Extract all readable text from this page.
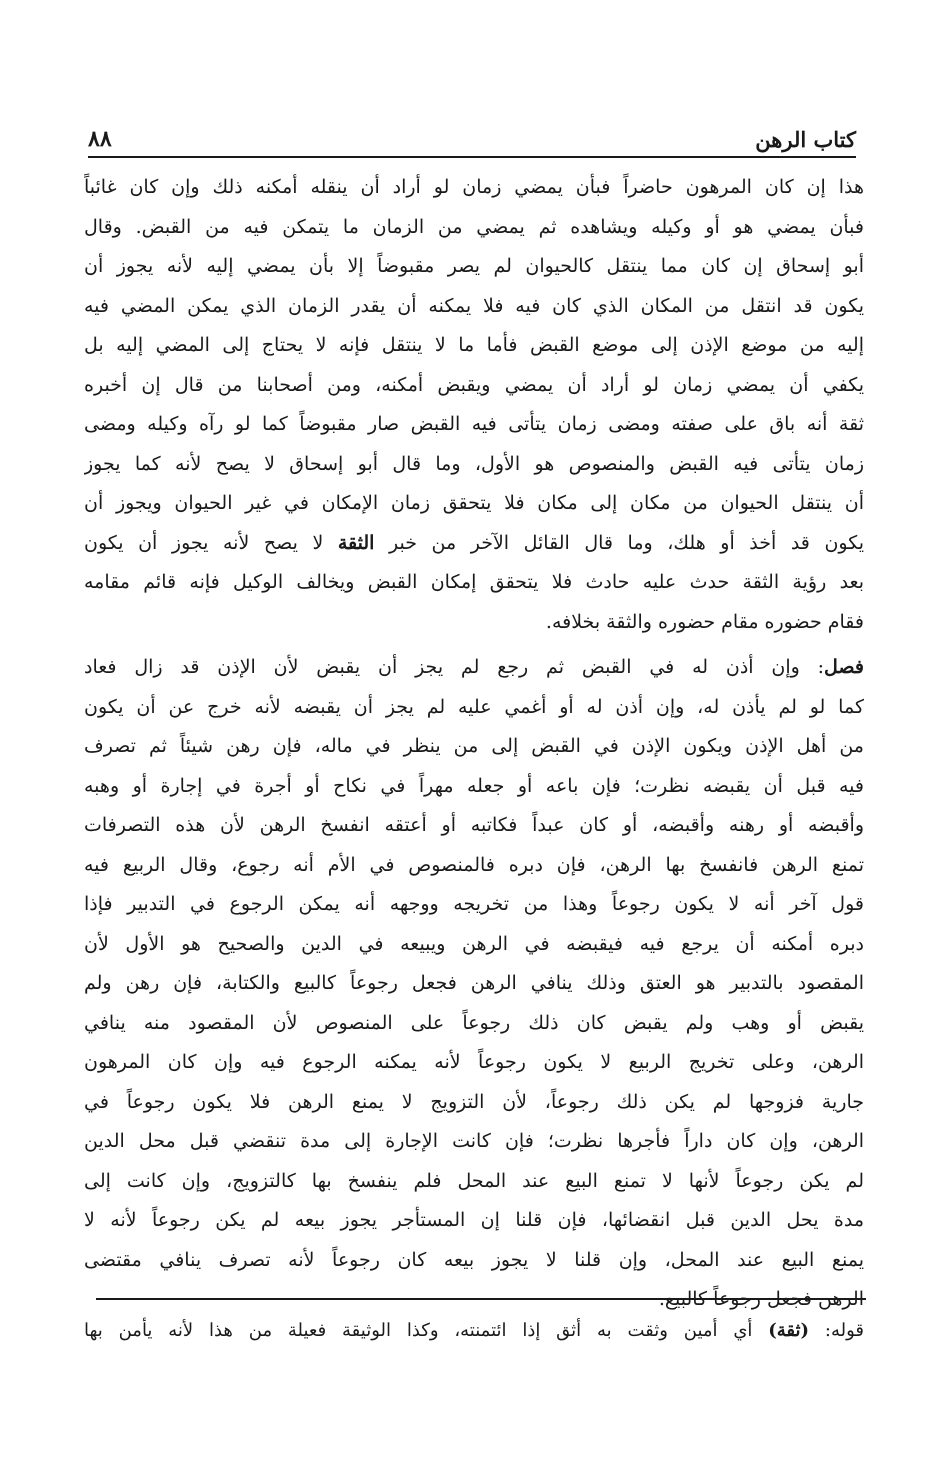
٨٨	كتاب الرهن
هذا إن كان المرهون حاضراً فبأن يمضي زمان لو أراد أن ينقله أمكنه ذلك وإن كان غائباً
فبأن يمضي هو أو وكيله ويشاهده ثم يمضي من الزمان ما يتمكن فيه من القبض. وقال
أبو إسحاق إن كان مما ينتقل كالحيوان لم يصر مقبوضاً إلا بأن يمضي إليه لأنه يجوز أن
يكون قد انتقل من المكان الذي كان فيه فلا يمكنه أن يقدر الزمان الذي يمكن المضي فيه
إليه من موضع الإذن إلى موضع القبض فأما ما لا ينتقل فإنه لا يحتاج إلى المضي إليه بل
يكفي أن يمضي زمان لو أراد أن يمضي ويقبض أمكنه، ومن أصحابنا من قال إن أخبره
ثقة أنه باق على صفته ومضى زمان يتأتى فيه القبض صار مقبوضاً كما لو رآه وكيله ومضى
زمان يتأتى فيه القبض والمنصوص هو الأول، وما قال أبو إسحاق لا يصح لأنه كما يجوز
أن ينتقل الحيوان من مكان إلى مكان فلا يتحقق زمان الإمكان في غير الحيوان ويجوز أن
يكون قد أخذ أو هلك، وما قال القائل الآخر من خبر الثقة لا يصح لأنه يجوز أن يكون
بعد رؤية الثقة حدث عليه حادث فلا يتحقق إمكان القبض ويخالف الوكيل فإنه قائم مقامه
فقام حضوره مقام حضوره والثقة بخلافه.
فصل: وإن أذن له في القبض ثم رجع لم يجز أن يقبض لأن الإذن قد زال فعاد
كما لو لم يأذن له، وإن أذن له أو أغمي عليه لم يجز أن يقبضه لأنه خرج عن أن يكون
من أهل الإذن ويكون الإذن في القبض إلى من ينظر في ماله، فإن رهن شيئاً ثم تصرف
فيه قبل أن يقبضه نظرت؛ فإن باعه أو جعله مهراً في نكاح أو أجرة في إجارة أو وهبه
وأقبضه أو رهنه وأقبضه، أو كان عبداً فكاتبه أو أعتقه انفسخ الرهن لأن هذه التصرفات
تمنع الرهن فانفسخ بها الرهن، فإن دبره فالمنصوص في الأم أنه رجوع، وقال الربيع فيه
قول آخر أنه لا يكون رجوعاً وهذا من تخريجه ووجهه أنه يمكن الرجوع في التدبير فإذا
دبره أمكنه أن يرجع فيه فيقبضه في الرهن ويبيعه في الدين والصحيح هو الأول لأن
المقصود بالتدبير هو العتق وذلك ينافي الرهن فجعل رجوعاً كالبيع والكتابة، فإن رهن ولم
يقبض أو وهب ولم يقبض كان ذلك رجوعاً على المنصوص لأن المقصود منه ينافي
الرهن، وعلى تخريج الربيع لا يكون رجوعاً لأنه يمكنه الرجوع فيه وإن كان المرهون
جارية فزوجها لم يكن ذلك رجوعاً، لأن التزويج لا يمنع الرهن فلا يكون رجوعاً في
الرهن، وإن كان داراً فأجرها نظرت؛ فإن كانت الإجارة إلى مدة تنقضي قبل محل الدين
لم يكن رجوعاً لأنها لا تمنع البيع عند المحل فلم ينفسخ بها كالتزويج، وإن كانت إلى
مدة يحل الدين قبل انقضائها، فإن قلنا إن المستأجر يجوز بيعه لم يكن رجوعاً لأنه لا
يمنع البيع عند المحل، وإن قلنا لا يجوز بيعه كان رجوعاً لأنه تصرف ينافي مقتضى
الرهن فجعل رجوعاً كالبيع.
قوله: (ثقة) أي أمين وثقت به أثق إذا ائتمنته، وكذا الوثيقة فعيلة من هذا لأنه يأمن بها
